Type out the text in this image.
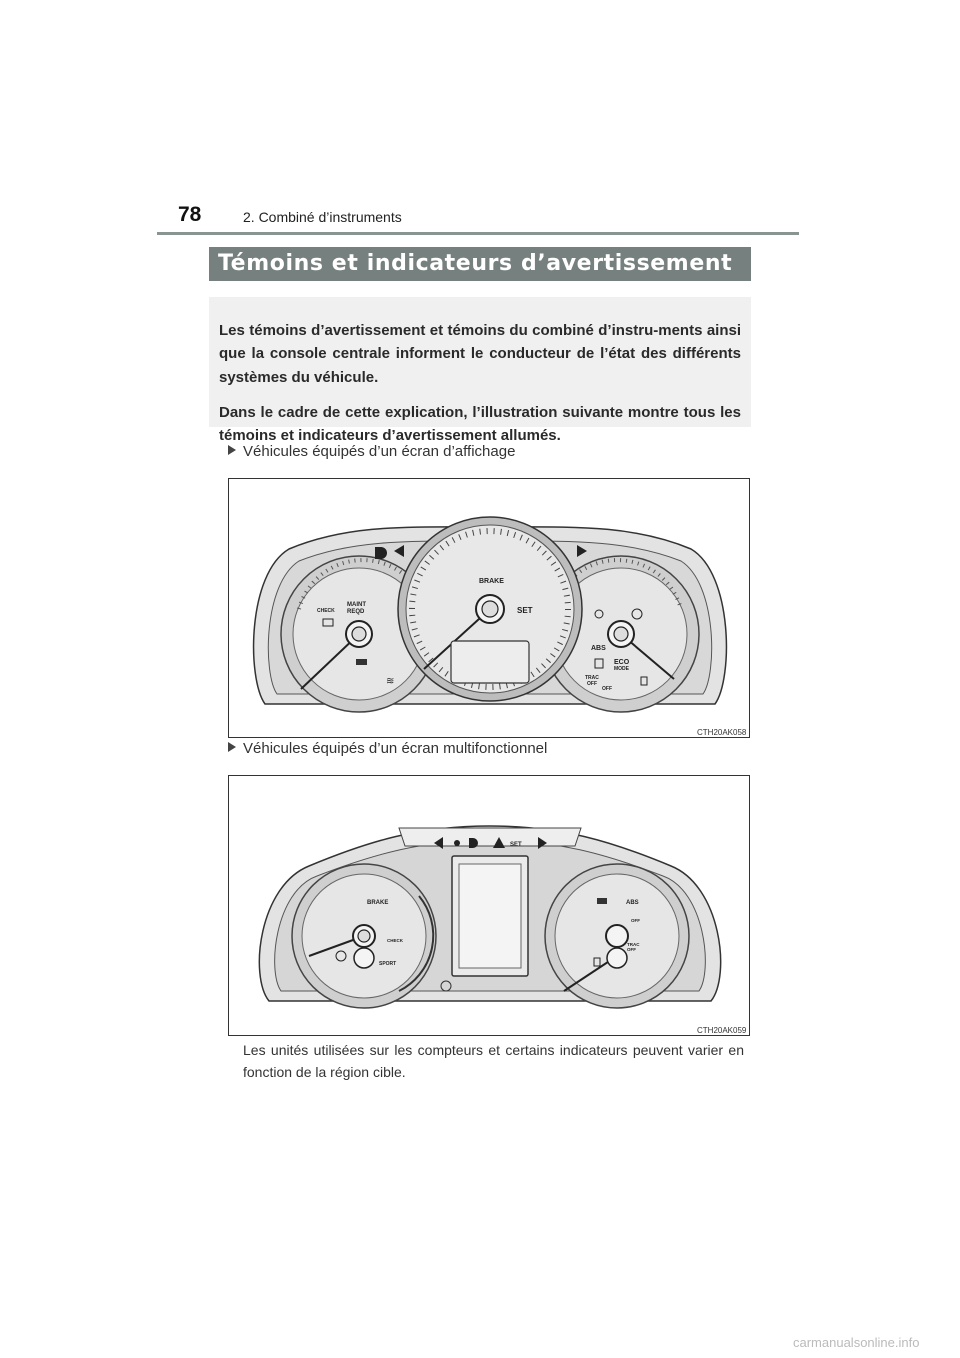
78	2. Combiné d’instruments
Témoins et indicateurs d’avertissement

Les témoins d’avertissement et témoins du combiné d’instru-ments ainsi que la console centrale informent le conducteur de l’état des différents systèmes du véhicule.

Dans le cadre de cette explication, l’illustration suivante montre tous les témoins et indicateurs d’avertissement allumés.

Véhicules équipés d’un écran d’affichage
MAINT
REQD
CHECK
≋
ABS
ECO
MODE
TRAC
OFF
OFF
BRAKE
SET
CTH20AK058
Véhicules équipés d’un écran multifonctionnel
SET
BRAKE
CHECK
SPORT
ABS
OFF
TRAC
OFF
CTH20AK059
Les unités utilisées sur les compteurs et certains indicateurs peuvent varier en fonction de la région cible.
carmanualsonline.info
